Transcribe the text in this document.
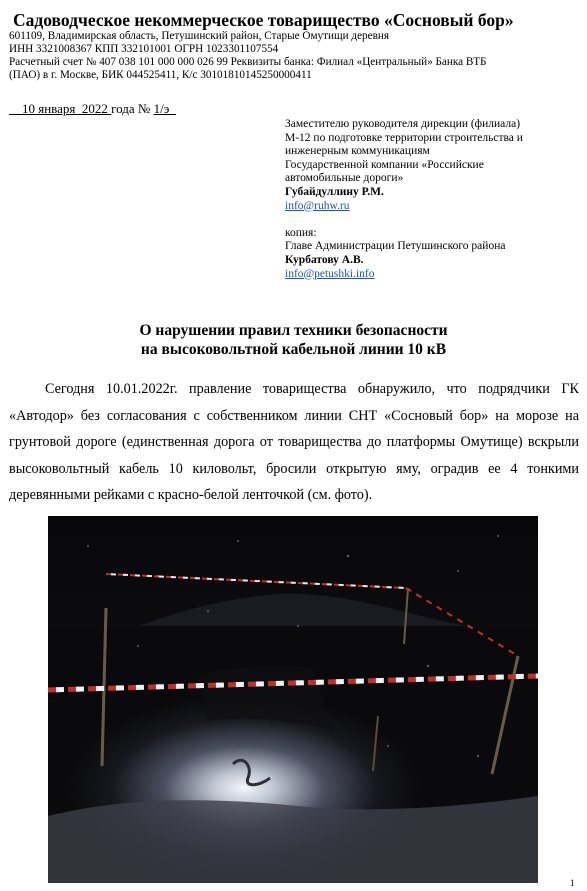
Садоводческое некоммерческое товарищество «Сосновый бор»
601109, Владимирская область, Петушинский район, Старые Омутищи деревня
ИНН 3321008367 КПП 332101001 ОГРН 1023301107554
Расчетный счет № 407 038 101 000 000 026 99 Реквизиты банка: Филиал «Центральный» Банка ВТБ
(ПАО) в г. Москве, БИК 044525411, К/с 30101810145250000411
__10 января_2022 года № 1/э_
Заместителю руководителя дирекции (филиала)
М-12 по подготовке территории строительства и
инженерным коммуникациям
Государственной компании «Российские
автомобильные дороги»
Губайдуллину Р.М.
info@ruhw.ru
копия:
Главе Администрации Петушинского района
Курбатову А.В.
info@petushki.info
О нарушении правил техники безопасности
на высоковольтной кабельной линии 10 кВ

Сегодня 10.01.2022г. правление товарищества обнаружило, что подрядчики ГК «Автодор» без согласования с собственником линии СНТ «Сосновый бор» на морозе на грунтовой дороге (единственная дорога от товарищества до платформы Омутище) вскрыли высоковольтный кабель 10 киловольт, бросили открытую яму, оградив ее 4 тонкими деревянными рейками с красно-белой ленточкой (см. фото).

1
